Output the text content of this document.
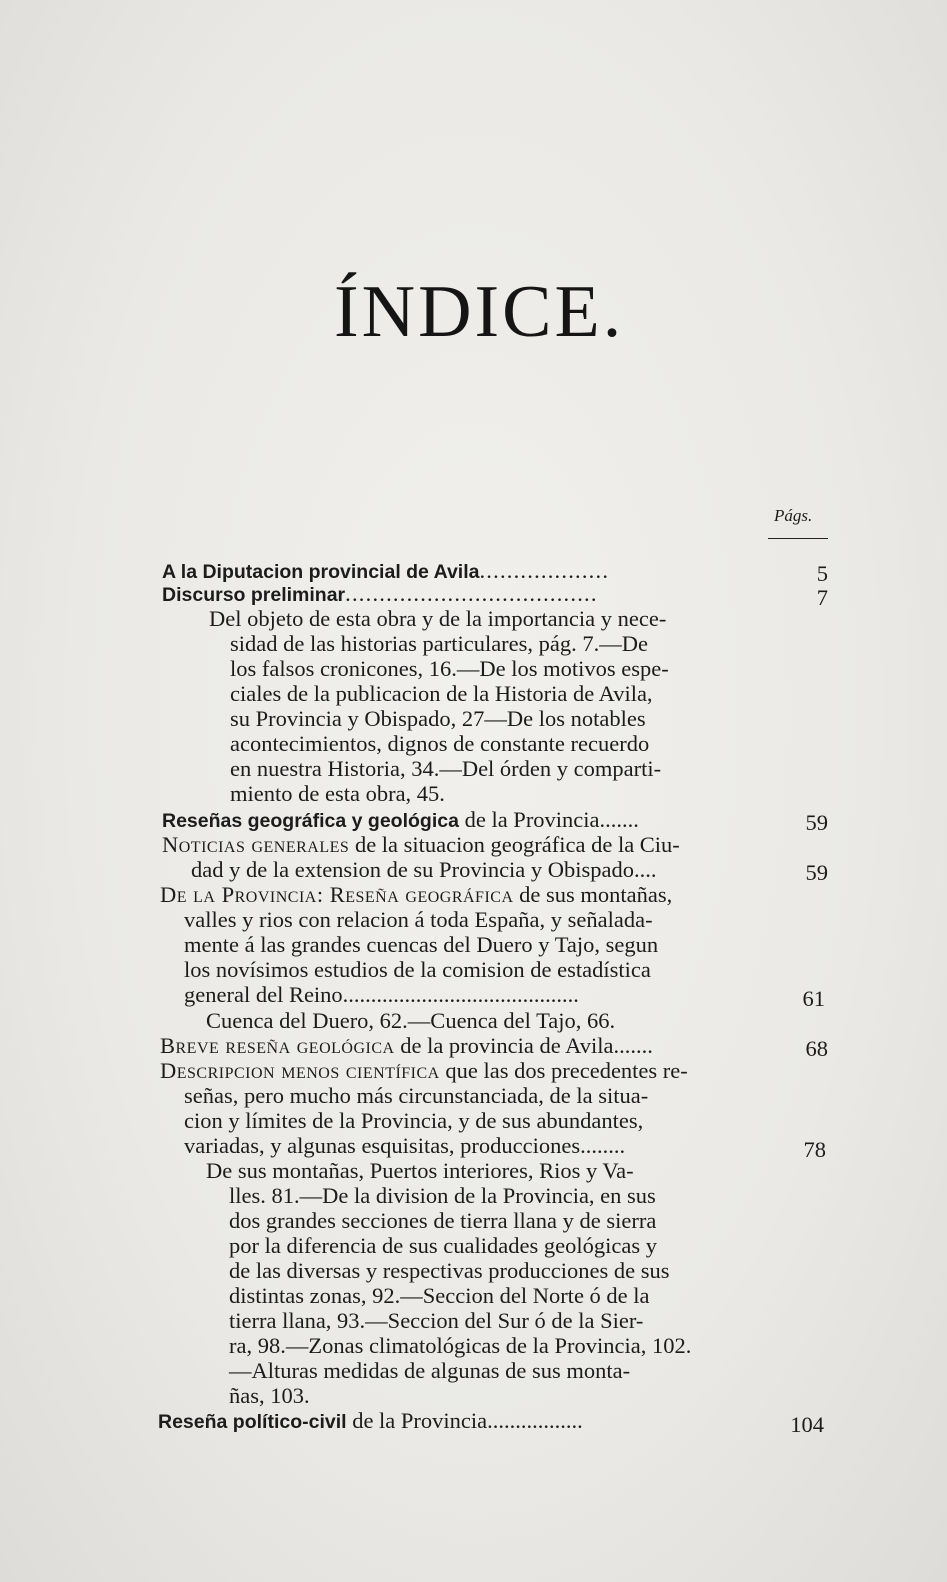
ÍNDICE.
Págs.
A la Diputacion provincial de Avila...................	5
Discurso preliminar.....................................	7
Del objeto de esta obra y de la importancia y nece-
sidad de las historias particulares, pág. 7.—De
los falsos cronicones, 16.—De los motivos espe-
ciales de la publicacion de la Historia de Avila,
su Provincia y Obispado, 27—De los notables
acontecimientos, dignos de constante recuerdo
en nuestra Historia, 34.—Del órden y comparti-
miento de esta obra, 45.
Reseñas geográfica y geológica de la Provincia.......	59
Noticias generales de la situacion geográfica de la Ciu-
dad y de la extension de su Provincia y Obispado....	59
De la Provincia: Reseña geográfica de sus montañas,
valles y rios con relacion á toda España, y señalada-
mente á las grandes cuencas del Duero y Tajo, segun
los novísimos estudios de la comision de estadística
general del Reino..........................................	61
Cuenca del Duero, 62.—Cuenca del Tajo, 66.
Breve reseña geológica de la provincia de Avila.......	68
Descripcion menos científica que las dos precedentes re-
señas, pero mucho más circunstanciada, de la situa-
cion y límites de la Provincia, y de sus abundantes,
variadas, y algunas esquisitas, producciones........	78
De sus montañas, Puertos interiores, Rios y Va-
lles. 81.—De la division de la Provincia, en sus
dos grandes secciones de tierra llana y de sierra
por la diferencia de sus cualidades geológicas y
de las diversas y respectivas producciones de sus
distintas zonas, 92.—Seccion del Norte ó de la
tierra llana, 93.—Seccion del Sur ó de la Sier-
ra, 98.—Zonas climatológicas de la Provincia, 102.
—Alturas medidas de algunas de sus monta-
ñas, 103.
Reseña político-civil de la Provincia.................	104
